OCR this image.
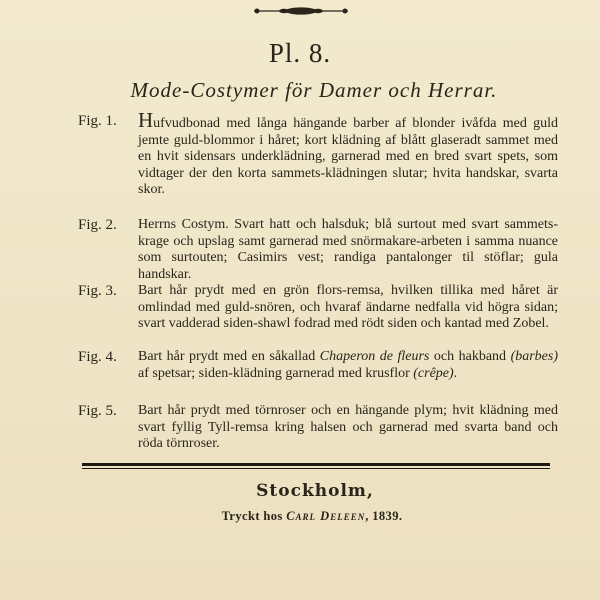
Pl. 8.
Mode-Costymer för Damer och Herrar.
Fig. 1. Hufvudbonad med långa hängande barber af blonder ivåfda med guld jemte guld-blommor i håret; kort klädning af blått glaseradt sammet med en hvit sidensars underklädning, garnerad med en bred svart spets, som vidtager der den korta sammets-klädningen slutar; hvita handskar, svarta skor.
Fig. 2. Herrns Costym. Svart hatt och halsduk; blå surtout med svart sammets-krage och upslag samt garnerad med snörmakare-arbeten i samma nuance som surtouten; Casimirs vest; randiga pantalonger til stöflar; gula handskar.
Fig. 3. Bart hår prydt med en grön flors-remsa, hvilken tillika med håret är omlindad med guld-snören, och hvaraf ändarne nedfalla vid högra sidan; svart vadderad siden-shawl fodrad med rödt siden och kantad med Zobel.
Fig. 4. Bart hår prydt med en såkallad Chaperon de fleurs och hakband (barbes) af spetsar; siden-klädning garnerad med krusflor (crêpe).
Fig. 5. Bart hår prydt med törnroser och en hängande plym; hvit klädning med svart fyllig Tyll-remsa kring halsen och garnerad med svarta band och röda törnroser.
Stockholm,
Tryckt hos Carl Deleen, 1839.
